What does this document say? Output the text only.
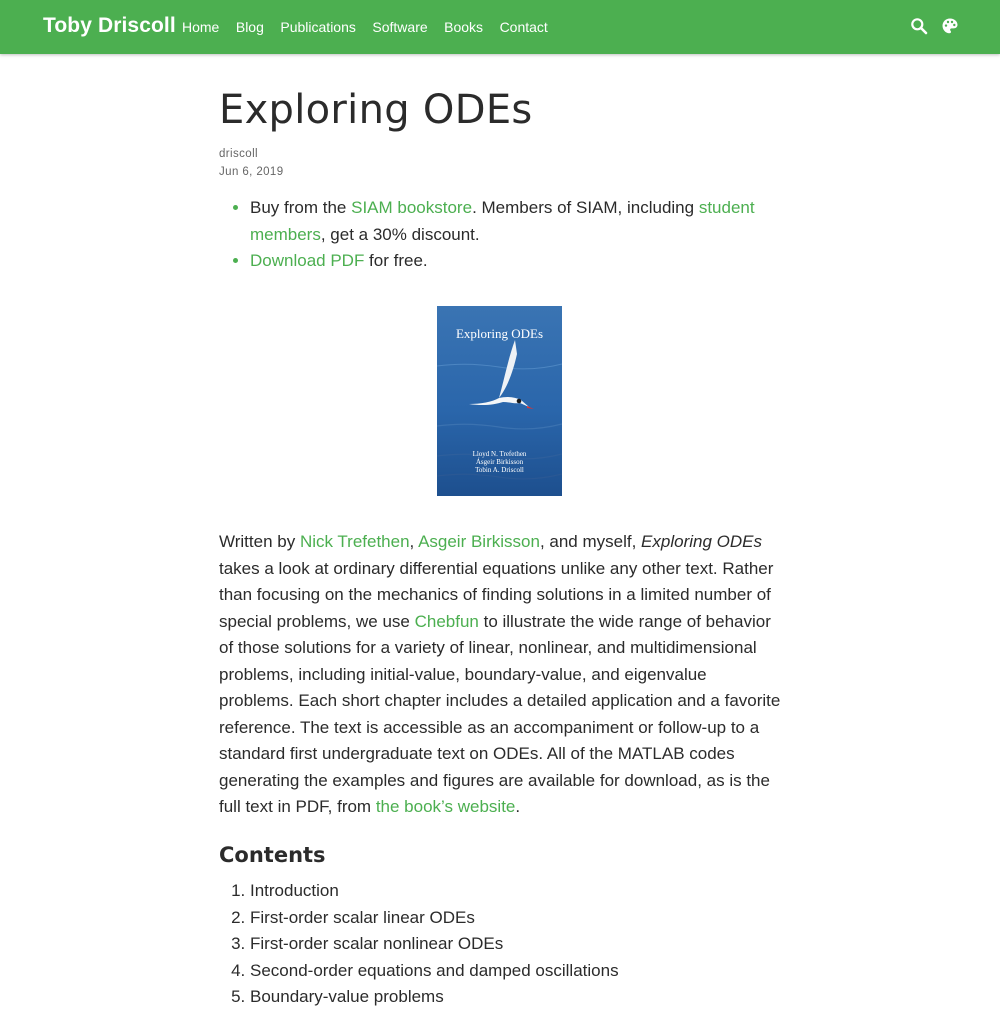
Toby Driscoll Home Blog Publications Software Books Contact
Exploring ODEs
driscoll
Jun 6, 2019
• Buy from the SIAM bookstore. Members of SIAM, including student members, get a 30% discount.
• Download PDF for free.
Exploring ODEs
Lloyd N. Trefethen
Ásgeir Birkisson
Tobin A. Driscoll

Written by Nick Trefethen, Asgeir Birkisson, and myself, Exploring ODEs takes a look at ordinary differential equations unlike any other text. Rather than focusing on the mechanics of finding solutions in a limited number of special problems, we use Chebfun to illustrate the wide range of behavior of those solutions for a variety of linear, nonlinear, and multidimensional problems, including initial-value, boundary-value, and eigenvalue problems. Each short chapter includes a detailed application and a favorite reference. The text is accessible as an accompaniment or follow-up to a standard first undergraduate text on ODEs. All of the MATLAB codes generating the examples and figures are available for download, as is the full text in PDF, from the book’s website.

Contents
1. Introduction
2. First-order scalar linear ODEs
3. First-order scalar nonlinear ODEs
4. Second-order equations and damped oscillations
5. Boundary-value problems
